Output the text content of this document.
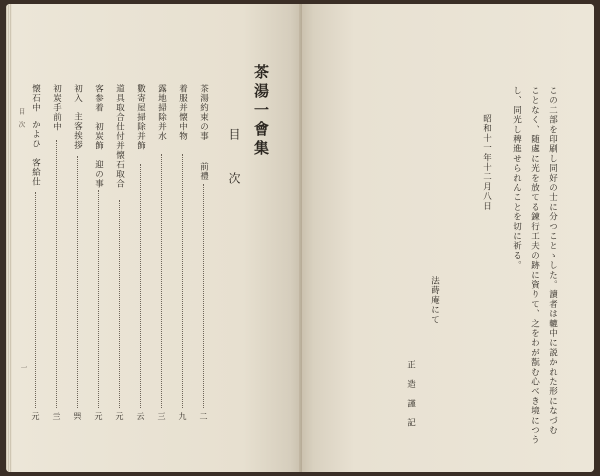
茶湯一會集
目　次
茶湯約束の事
前禮
二
着服并懐中物
九
露地掃除并水
三
數寄屋掃除并飾
云
道具取合仕付并懐石取合
元
客参着
初炭飾　迎の事
元
初入
主客挨拶
巺
初炭手前中
亖
懐石中
かよひ　客給仕
元
目　次
一	この二部を印刷し同好の士に分つことゝした。讀者は轆中に説かれた形になづむ
ことなく、随處に光を放てる錬行工夫の跡に資りて、之をわが翫む心べき境につう
し、同光し稗進せられんことを切に祈る。
昭和十一年十二月八日
法蒔庵にて
正　造　謹　記
